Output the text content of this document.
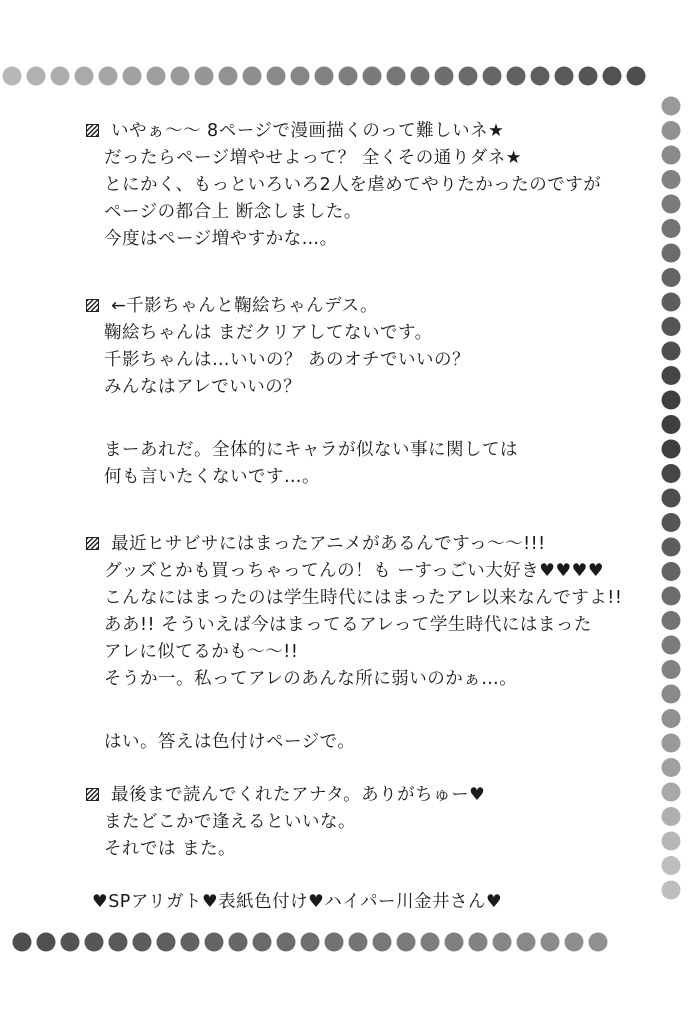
いやぁ〜〜 8ページで漫画描くのって難しいネ★
だったらページ増やせよって？ 全くその通りダネ★
とにかく、もっといろいろ2人を虐めてやりたかったのですが
ページの都合上 断念しました。
今度はページ増やすかな…。
←千影ちゃんと鞠絵ちゃんデス。
鞠絵ちゃんは まだクリアしてないです。
千影ちゃんは…いいの？ あのオチでいいの？
みんなはアレでいいの？
まーあれだ。全体的にキャラが似ない事に関しては
何も言いたくないです…。
最近ヒサビサにはまったアニメがあるんですっ〜〜!!!
グッズとかも買っちゃってんの！も ーすっごい大好き♥♥♥♥
こんなにはまったのは学生時代にはまったアレ以来なんですよ!!
ああ!! そういえば今はまってるアレって学生時代にはまった
アレに似てるかも〜〜!!
そうか一。私ってアレのあんな所に弱いのかぁ…。
はい。答えは色付けページで。
最後まで読んでくれたアナタ。ありがちゅー♥
またどこかで逢えるといいな。
それでは また。
♥SPアリガト♥表紙色付け♥ハイパー川金井さん♥
